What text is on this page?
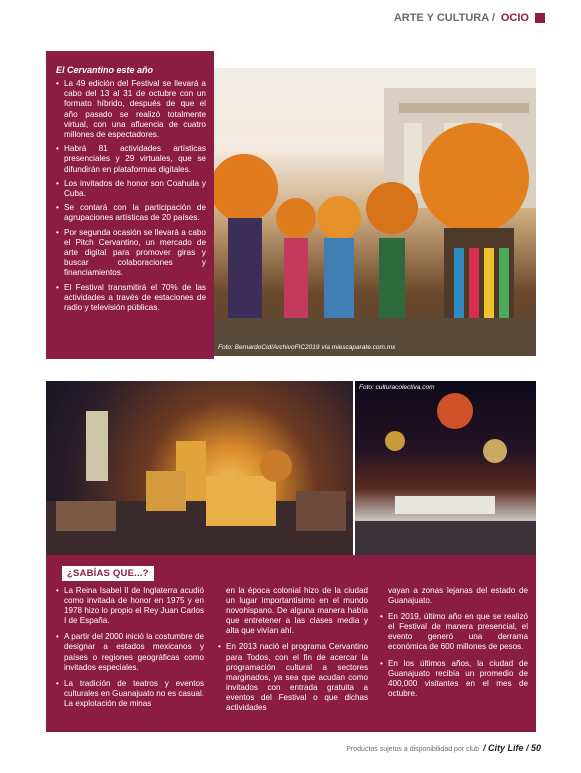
ARTE Y CULTURA / OCIO
Foto: BernardoCid/ArchivoFIC2019 vía miescaparate.com.mx
El Cervantino este año
• La 49 edición del Festival se llevará a cabo del 13 al 31 de octubre con un formato híbrido, después de que el año pasado se realizó totalmente virtual, con una afluencia de cuatro millones de espectadores.
• Habrá 81 actividades artísticas presenciales y 29 virtuales, que se difundirán en plataformas digitales.
• Los invitados de honor son Coahuila y Cuba.
• Se contará con la participación de agrupaciones artísticas de 20 países.
• Por segunda ocasión se llevará a cabo el Pitch Cervantino, un mercado de arte digital para promover giras y buscar colaboraciones y financiamientos.
• El Festival transmitirá el 70% de las actividades a través de estaciones de radio y televisión públicas.
Foto: culturacolectiva.com
¿SABÍAS QUE...?
• La Reina Isabel II de Inglaterra acudió como invitada de honor en 1975 y en 1978 hizo lo propio el Rey Juan Carlos I de España.
• A partir del 2000 inició la costumbre de designar a estados mexicanos y países o regiones geográficas como invitados especiales.
• La tradición de teatros y eventos culturales en Guanajuato no es casual. La explotación de minas
en la época colonial hizo de la ciudad un lugar importantísimo en el mundo novohispano. De alguna manera había que entretener a las clases media y alta que vivían ahí.
• En 2013 nació el programa Cervantino para Todos, con el fin de acercar la programación cultural a sectores marginados, ya sea que acudan como invitados con entrada gratuita a eventos del Festival o que dichas actividades
vayan a zonas lejanas del estado de Guanajuato.
• En 2019, último año en que se realizó el Festival de manera presencial, el evento generó una derrama económica de 600 millones de pesos.
• En los últimos años, la ciudad de Guanajuato recibía un promedio de 400,000 visitantes en el mes de octubre.
Productos sujetos a disponibilidad por club / City Life / 50
